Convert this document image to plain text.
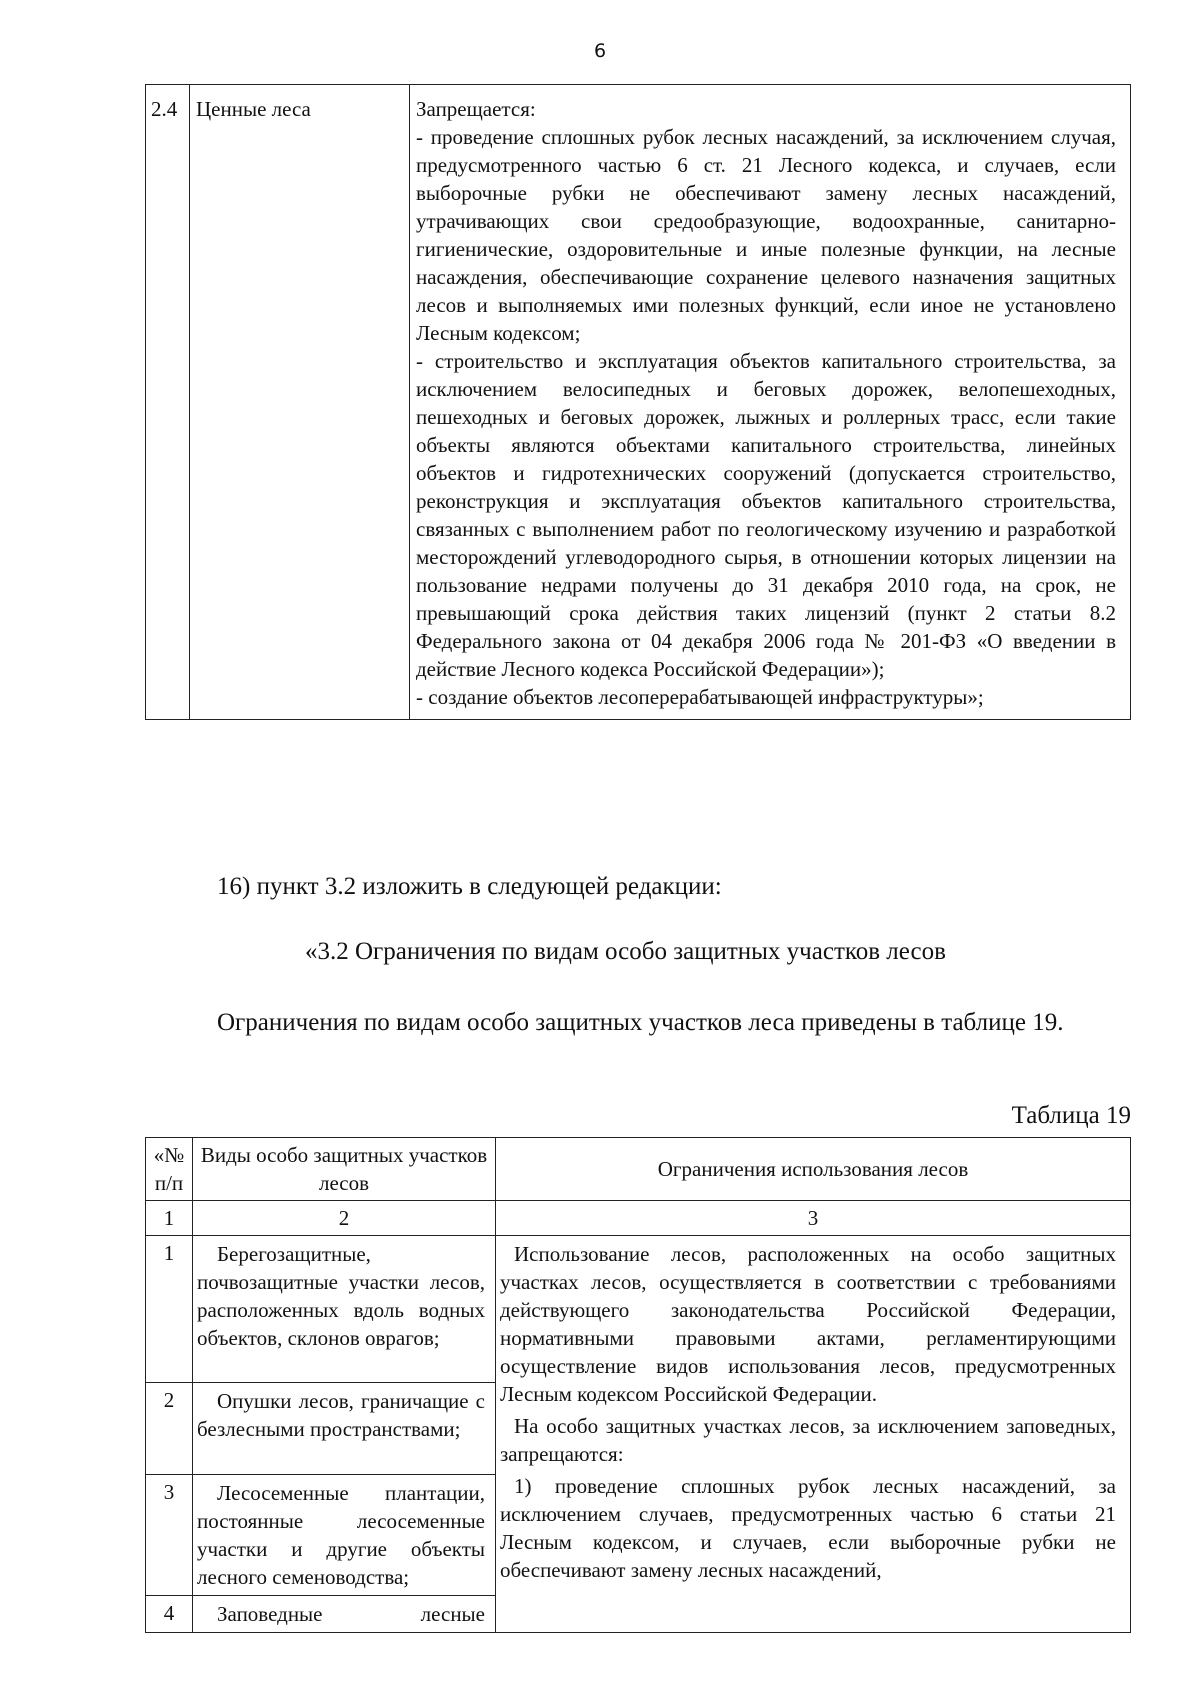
6
2.4	Ценные леса	Запрещается:

- проведение сплошных рубок лесных насаждений, за исключением случая, предусмотренного частью 6 ст. 21 Лесного кодекса, и случаев, если выборочные рубки не обеспечивают замену лесных насаждений, утрачивающих свои средообразующие, водоохранные, санитарно-гигиенические, оздоровительные и иные полезные функции, на лесные насаждения, обеспечивающие сохранение целевого назначения защитных лесов и выполняемых ими полезных функций, если иное не установлено Лесным кодексом;

- строительство и эксплуатация объектов капитального строительства, за исключением велосипедных и беговых дорожек, велопешеходных, пешеходных и беговых дорожек, лыжных и роллерных трасс, если такие объекты являются объектами капитального строительства, линейных объектов и гидротехнических сооружений (допускается строительство, реконструкция и эксплуатация объектов капитального строительства, связанных с выполнением работ по геологическому изучению и разработкой месторождений углеводородного сырья, в отношении которых лицензии на пользование недрами получены до 31 декабря 2010 года, на срок, не превышающий срока действия таких лицензий (пункт 2 статьи 8.2 Федерального закона от 04 декабря 2006 года № 201-ФЗ «О введении в действие Лесного кодекса Российской Федерации»);

- создание объектов лесоперерабатывающей инфраструктуры»;

16) пункт 3.2 изложить в следующей редакции:
«3.2 Ограничения по видам особо защитных участков лесов

Ограничения по видам особо защитных участков леса приведены в таблице 19.

Таблица 19
«№ п/п	Виды особо защитных участков лесов	Ограничения использования лесов
1	2	3
1	Берегозащитные, почвозащитные участки лесов, расположенных вдоль водных объектов, склонов оврагов;	Использование лесов, расположенных на особо защитных участках лесов, осуществляется в соответствии с требованиями действующего законодательства Российской Федерации, нормативными правовыми актами, регламентирующими осуществление видов использования лесов, предусмотренных Лесным кодексом Российской Федерации.

На особо защитных участках лесов, за исключением заповедных, запрещаются:

1) проведение сплошных рубок лесных насаждений, за исключением случаев, предусмотренных частью 6 статьи 21 Лесным кодексом, и случаев, если выборочные рубки не обеспечивают замену лесных насаждений,

2	Опушки лесов, граничащие с безлесными пространствами;	
3	Лесосеменные плантации, постоянные лесосеменные участки и другие объекты лесного семеноводства;	
4	Заповедные лесные	
